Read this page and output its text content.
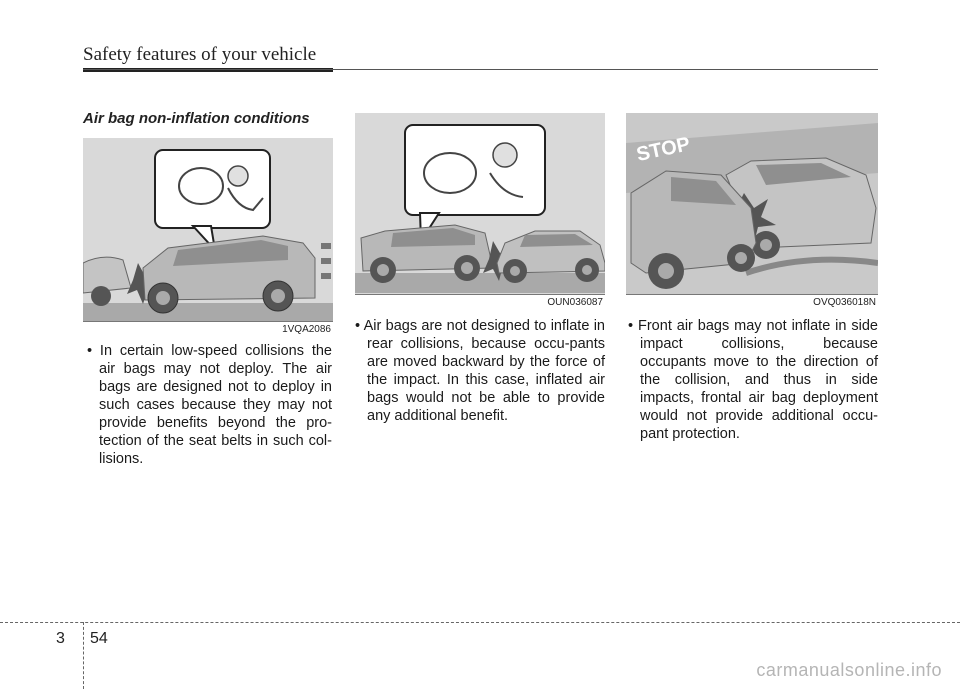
Safety features of your vehicle
Air bag non-inflation conditions
1VQA2086
OUN036087
STOP
OVQ036018N

• In certain low-speed collisions the air bags may not deploy. The air bags are designed not to deploy in such cases because they may not provide benefits beyond the pro-tection of the seat belts in such col-lisions.

• Air bags are not designed to inflate in rear collisions, because occu-pants are moved backward by the force of the impact. In this case, inflated air bags would not be able to provide any additional benefit.

• Front air bags may not inflate in side impact collisions, because occupants move to the direction of the collision, and thus in side impacts, frontal air bag deployment would not provide additional occu-pant protection.

3 54
carmanualsonline.info
